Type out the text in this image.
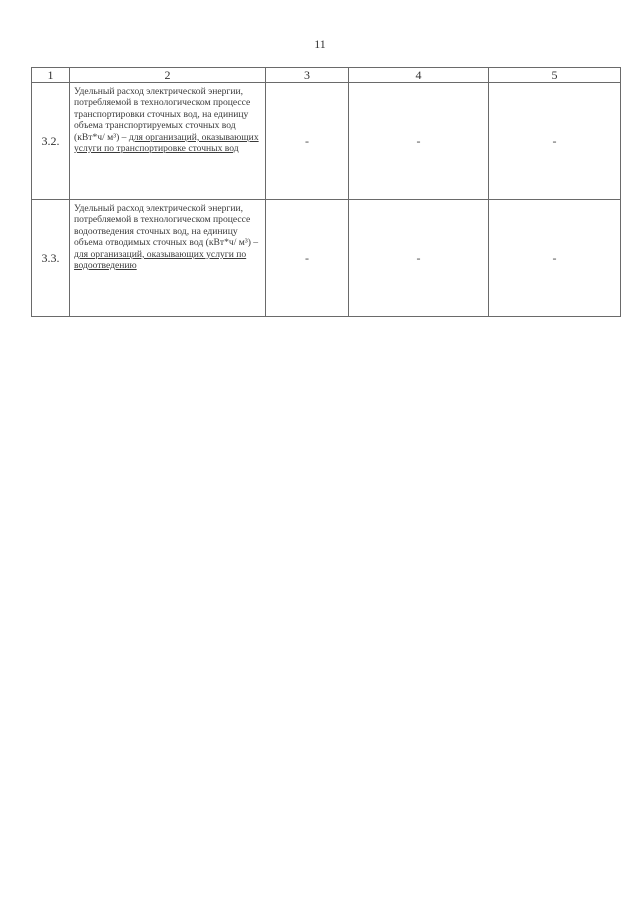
11
1	2	3	4	5
3.2.	Удельный расход электрической энергии, потребляемой в технологическом процессе транспортировки сточных вод, на единицу объема транспортируемых сточных вод (кВт*ч/ м³) – для организаций, оказывающих услуги по транспортировке сточных вод	-	-	-
3.3.	Удельный расход электрической энергии, потребляемой в технологическом процессе водоотведения сточных вод, на единицу объема отводимых сточных вод (кВт*ч/ м³) – для организаций, оказывающих услуги по водоотведению	-	-	-
